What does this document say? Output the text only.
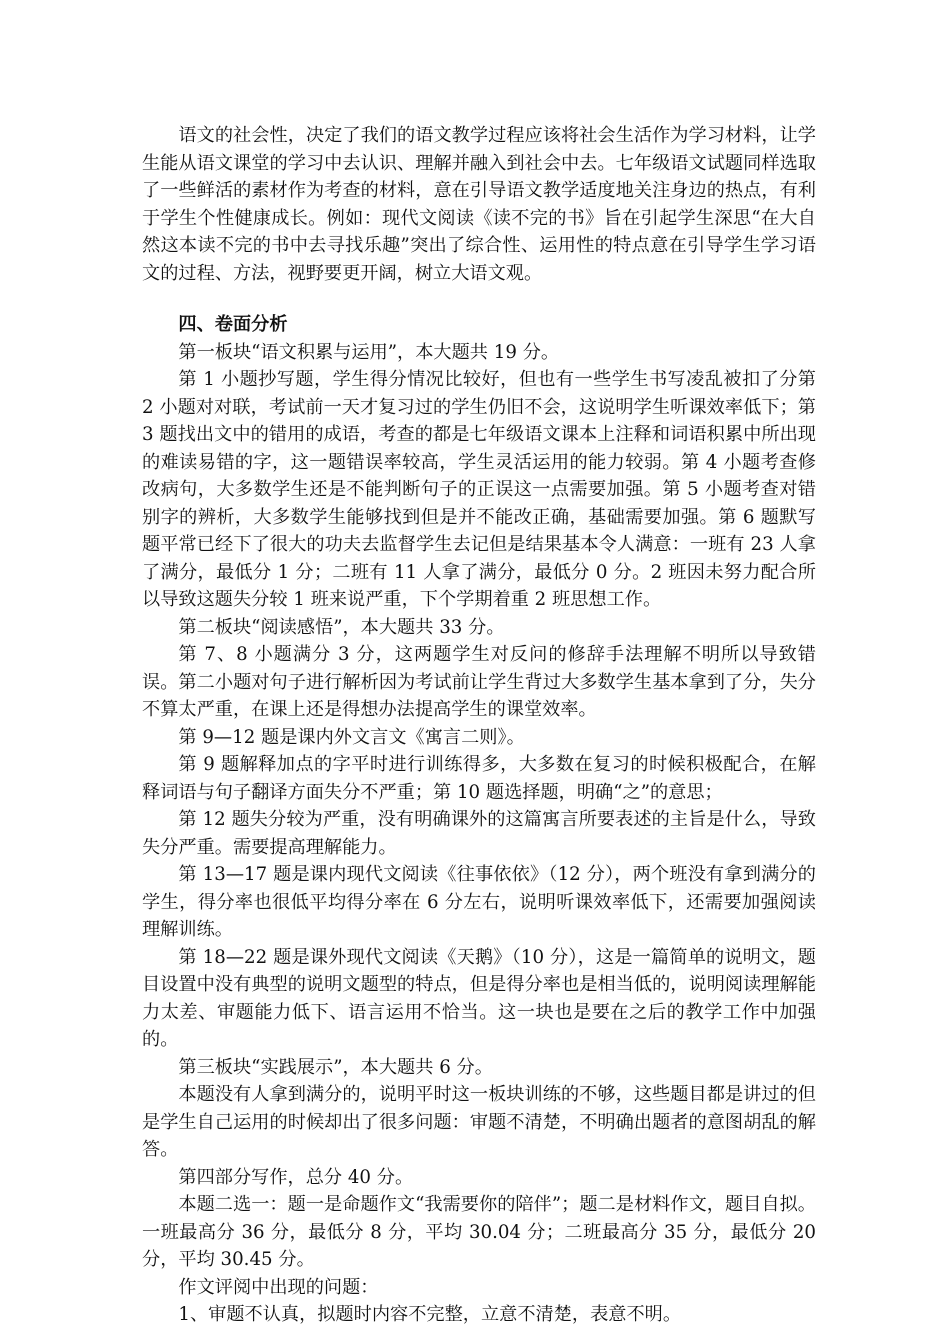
语文的社会性，决定了我们的语文教学过程应该将社会生活作为学习材料，让学生能从语文课堂的学习中去认识、理解并融入到社会中去。七年级语文试题同样选取了一些鲜活的素材作为考查的材料，意在引导语文教学适度地关注身边的热点，有利于学生个性健康成长。例如：现代文阅读《读不完的书》旨在引起学生深思“在大自然这本读不完的书中去寻找乐趣”突出了综合性、运用性的特点意在引导学生学习语文的过程、方法，视野要更开阔，树立大语文观。

四、卷面分析

第一板块“语文积累与运用”，本大题共 19 分。

第 1 小题抄写题，学生得分情况比较好，但也有一些学生书写凌乱被扣了分第 2 小题对对联，考试前一天才复习过的学生仍旧不会，这说明学生听课效率低下；第 3 题找出文中的错用的成语，考查的都是七年级语文课本上注释和词语积累中所出现的难读易错的字，这一题错误率较高，学生灵活运用的能力较弱。第 4 小题考查修改病句，大多数学生还是不能判断句子的正误这一点需要加强。第 5 小题考查对错别字的辨析，大多数学生能够找到但是并不能改正确，基础需要加强。第 6 题默写题平常已经下了很大的功夫去监督学生去记但是结果基本令人满意：一班有 23 人拿了满分，最低分 1 分；二班有 11 人拿了满分，最低分 0 分。2 班因未努力配合所以导致这题失分较 1 班来说严重，下个学期着重 2 班思想工作。

第二板块“阅读感悟”，本大题共 33 分。

第 7、8 小题满分 3 分，这两题学生对反问的修辞手法理解不明所以导致错误。第二小题对句子进行解析因为考试前让学生背过大多数学生基本拿到了分，失分不算太严重，在课上还是得想办法提高学生的课堂效率。

第 9—12 题是课内外文言文《寓言二则》。

第 9 题解释加点的字平时进行训练得多，大多数在复习的时候积极配合，在解释词语与句子翻译方面失分不严重；第 10 题选择题，明确“之”的意思；

第 12 题失分较为严重，没有明确课外的这篇寓言所要表述的主旨是什么，导致失分严重。需要提高理解能力。

第 13—17 题是课内现代文阅读《往事依依》（12 分），两个班没有拿到满分的学生，得分率也很低平均得分率在 6 分左右，说明听课效率低下，还需要加强阅读理解训练。

第 18—22 题是课外现代文阅读《天鹅》（10 分），这是一篇简单的说明文，题目设置中没有典型的说明文题型的特点，但是得分率也是相当低的，说明阅读理解能力太差、审题能力低下、语言运用不恰当。这一块也是要在之后的教学工作中加强的。

第三板块“实践展示”，本大题共 6 分。

本题没有人拿到满分的，说明平时这一板块训练的不够，这些题目都是讲过的但是学生自己运用的时候却出了很多问题：审题不清楚，不明确出题者的意图胡乱的解答。

第四部分写作，总分 40 分。

本题二选一：题一是命题作文“我需要你的陪伴”；题二是材料作文，题目自拟。一班最高分 36 分，最低分 8 分，平均 30.04 分；二班最高分 35 分，最低分 20 分，平均 30.45 分。

作文评阅中出现的问题：

1、审题不认真，拟题时内容不完整，立意不清楚，表意不明。
